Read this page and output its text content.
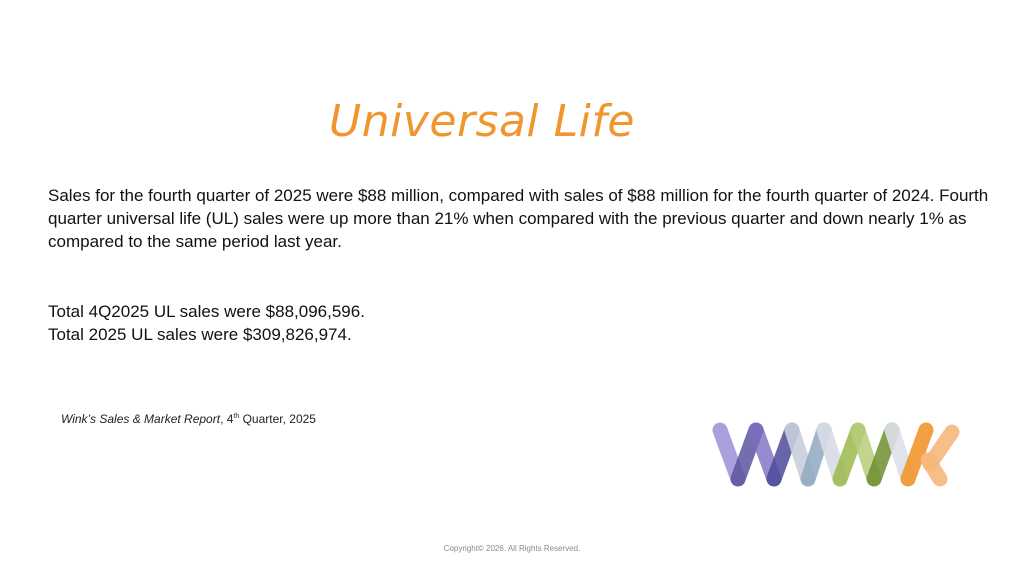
Universal Life
Sales for the fourth quarter of 2025 were $88 million, compared with sales of $88 million for the fourth quarter of 2024. Fourth quarter universal life (UL) sales were up more than 21% when compared with the previous quarter and down nearly 1% as compared to the same period last year.
Total 4Q2025 UL sales were $88,096,596.
Total 2025 UL sales were $309,826,974.
Wink’s Sales & Market Report, 4th Quarter, 2025
Copyright© 2026. All Rights Reserved.
